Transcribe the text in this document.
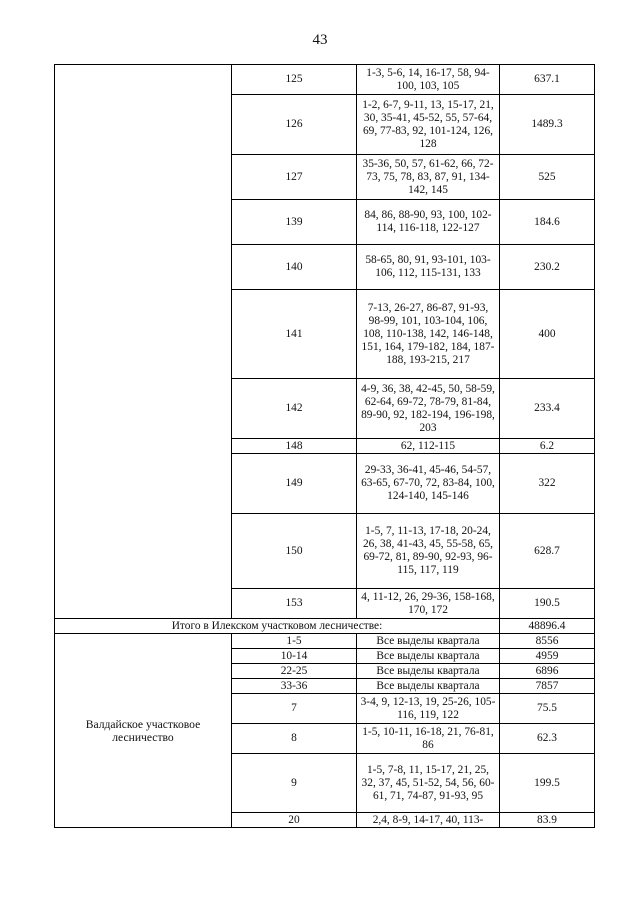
43
	125	1-3, 5-6, 14, 16-17, 58, 94-100, 103, 105	637.1
	126	1-2, 6-7, 9-11, 13, 15-17, 21, 30, 35-41, 45-52, 55, 57-64, 69, 77-83, 92, 101-124, 126, 128	1489.3
	127	35-36, 50, 57, 61-62, 66, 72-73, 75, 78, 83, 87, 91, 134-142, 145	525
	139	84, 86, 88-90, 93, 100, 102-114, 116-118, 122-127	184.6
	140	58-65, 80, 91, 93-101, 103-106, 112, 115-131, 133	230.2
	141	7-13, 26-27, 86-87, 91-93, 98-99, 101, 103-104, 106, 108, 110-138, 142, 146-148, 151, 164, 179-182, 184, 187-188, 193-215, 217	400
	142	4-9, 36, 38, 42-45, 50, 58-59, 62-64, 69-72, 78-79, 81-84, 89-90, 92, 182-194, 196-198, 203	233.4
	148	62, 112-115	6.2
	149	29-33, 36-41, 45-46, 54-57, 63-65, 67-70, 72, 83-84, 100, 124-140, 145-146	322
	150	1-5, 7, 11-13, 17-18, 20-24, 26, 38, 41-43, 45, 55-58, 65, 69-72, 81, 89-90, 92-93, 96-115, 117, 119	628.7
	153	4, 11-12, 26, 29-36, 158-168, 170, 172	190.5
Итого в Илекском участковом лесничестве:			48896.4
Валдайское участковое лесничество	1-5	Все выделы квартала	8556
	10-14	Все выделы квартала	4959
	22-25	Все выделы квартала	6896
	33-36	Все выделы квартала	7857
	7	3-4, 9, 12-13, 19, 25-26, 105-116, 119, 122	75.5
	8	1-5, 10-11, 16-18, 21, 76-81, 86	62.3
	9	1-5, 7-8, 11, 15-17, 21, 25, 32, 37, 45, 51-52, 54, 56, 60-61, 71, 74-87, 91-93, 95	199.5
	20	2,4, 8-9, 14-17, 40, 113-	83.9
